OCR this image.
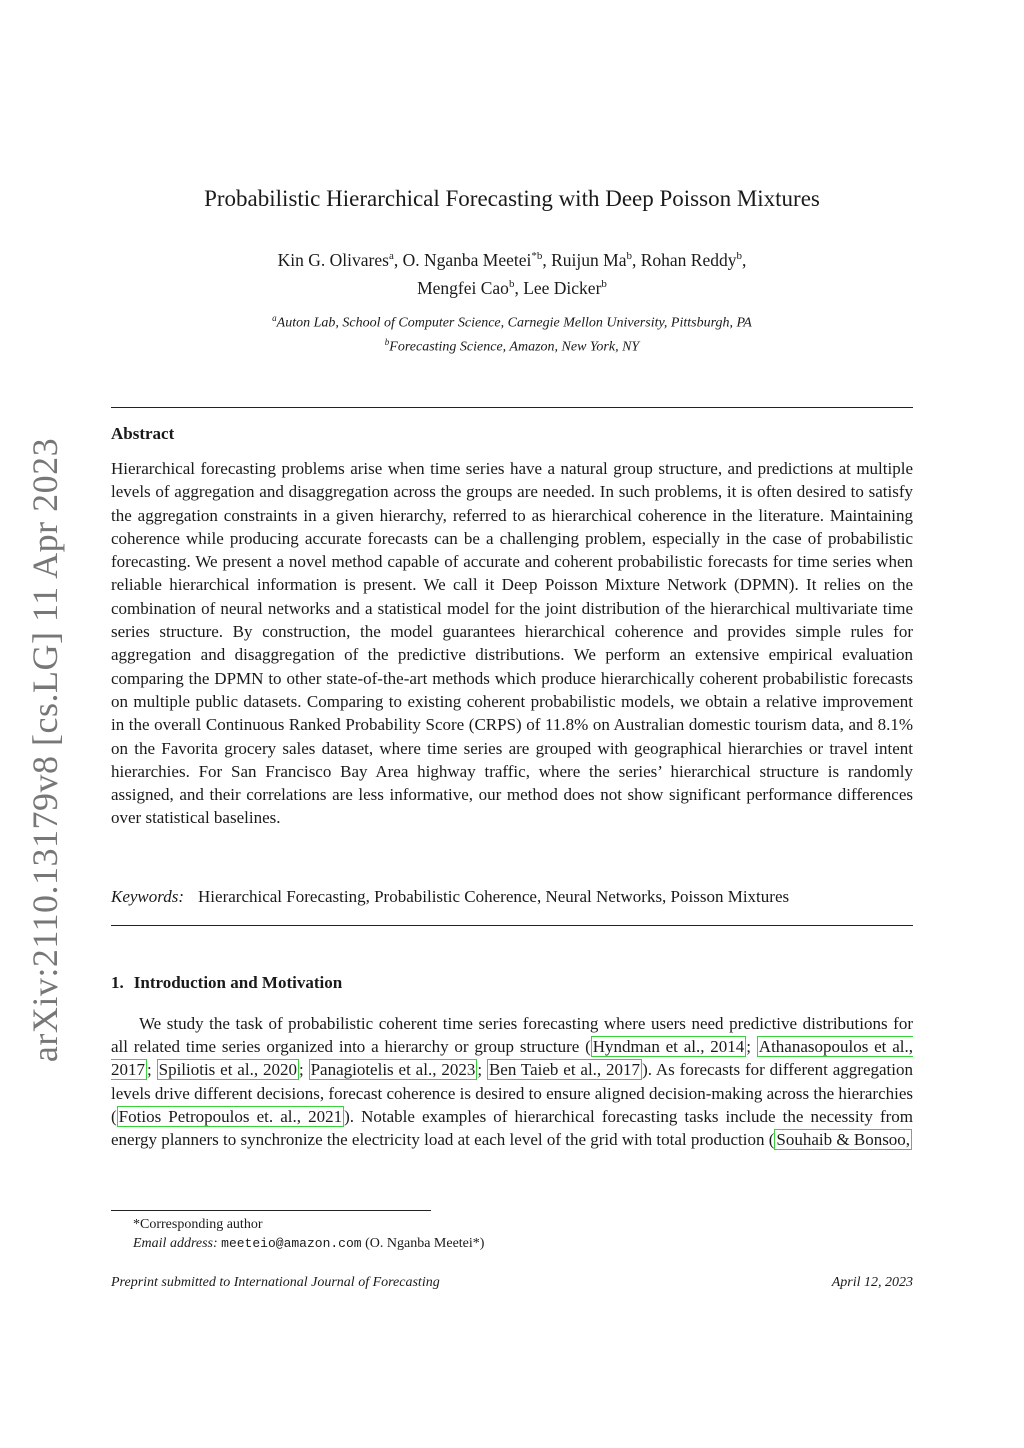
arXiv:2110.13179v8 [cs.LG] 11 Apr 2023
Probabilistic Hierarchical Forecasting with Deep Poisson Mixtures
Kin G. Olivares$^a$, O. Nganba Meetei$^{*b}$, Ruijun Ma$^b$, Rohan Reddy$^b$,
Mengfei Cao$^b$, Lee Dicker$^b$
$^a$Auton Lab, School of Computer Science, Carnegie Mellon University, Pittsburgh, PA
$^b$Forecasting Science, Amazon, New York, NY
Abstract
Hierarchical forecasting problems arise when time series have a natural group structure, and predictions at multiple levels of aggregation and disaggregation across the groups are needed. In such problems, it is often desired to satisfy the aggregation constraints in a given hierarchy, referred to as hierarchical coherence in the literature. Maintaining coherence while producing accurate forecasts can be a challenging problem, especially in the case of probabilistic forecasting. We present a novel method capable of accurate and coherent probabilistic forecasts for time series when reliable hierarchical information is present. We call it Deep Poisson Mixture Network (DPMN). It relies on the combination of neural networks and a statistical model for the joint distribution of the hierarchical multivariate time series structure. By construction, the model guarantees hierarchical coherence and provides simple rules for aggregation and disaggregation of the predictive distributions. We perform an extensive empirical evaluation comparing the DPMN to other state-of-the-art methods which produce hierarchically coherent probabilistic forecasts on multiple public datasets. Comparing to existing coherent probabilistic models, we obtain a relative improvement in the overall Continuous Ranked Probability Score (CRPS) of 11.8% on Australian domestic tourism data, and 8.1% on the Favorita grocery sales dataset, where time series are grouped with geographical hierarchies or travel intent hierarchies. For San Francisco Bay Area highway traffic, where the series’ hierarchical structure is randomly assigned, and their correlations are less informative, our method does not show significant performance differences over statistical baselines.
Keywords: Hierarchical Forecasting, Probabilistic Coherence, Neural Networks, Poisson Mixtures
1. Introduction and Motivation
We study the task of probabilistic coherent time series forecasting where users need predictive distributions for all related time series organized into a hierarchy or group structure ( Hyndman et al., 2014 ; Athanasopoulos et al., 2017 ; Spiliotis et al., 2020 ; Panagiotelis et al., 2023 ; Ben Taieb et al., 2017 ). As forecasts for different aggregation levels drive different decisions, forecast coherence is desired to ensure aligned decision-making across the hierarchies ( Fotios Petropoulos et. al., 2021 ). Notable examples of hierarchical forecasting tasks include the necessity from energy planners to synchronize the electricity load at each level of the grid with total production ( Souhaib & Bonsoo,
*Corresponding author
Email address: meeteio@amazon.com (O. Nganba Meetei*)
Preprint submitted to International Journal of Forecasting	April 12, 2023
